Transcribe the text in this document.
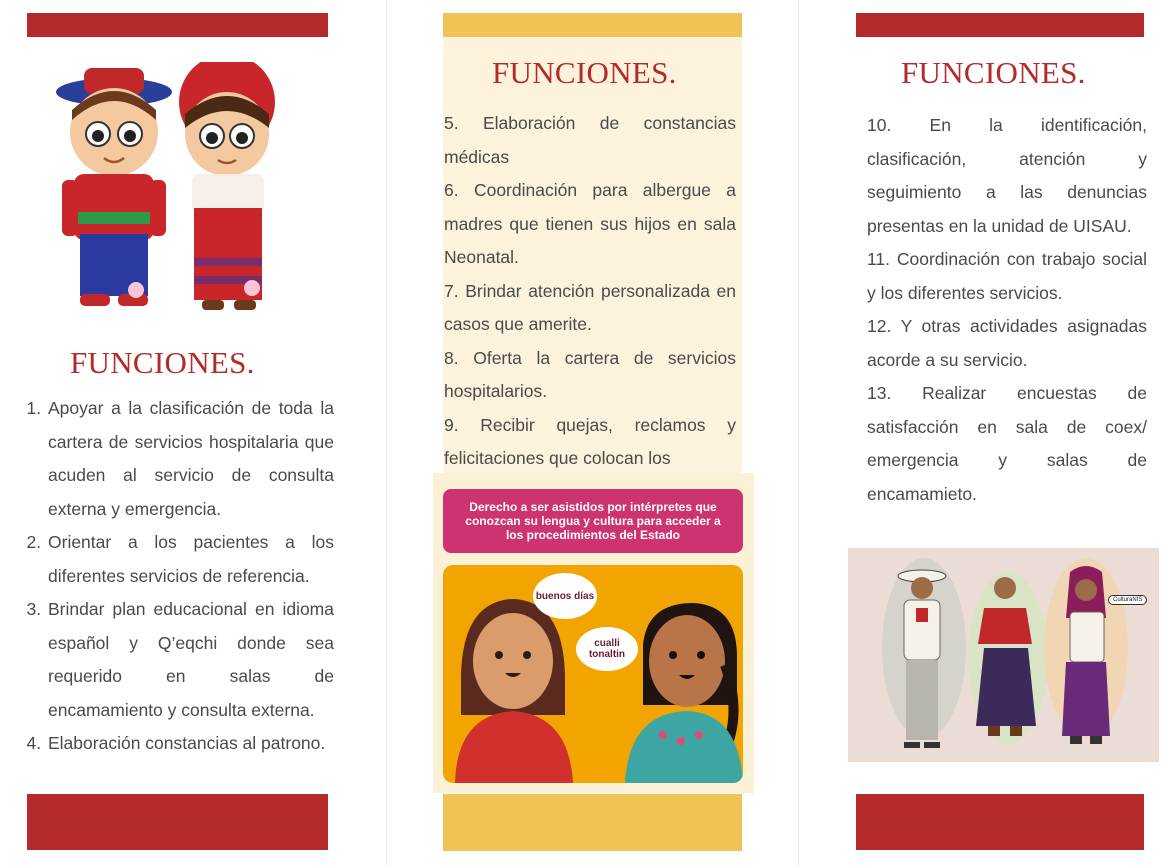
FUNCIONES.
1. Apoyar a la clasificación de toda la cartera de servicios hospitalaria que acuden al servicio de consulta externa y emergencia.
2. Orientar a los pacientes a los diferentes servicios de referencia.
3. Brindar plan educacional en idioma español y Q’eqchi donde sea requerido en salas de encamamiento y consulta externa.
4. Elaboración constancias al patrono.
FUNCIONES.

5. Elaboración de constancias médicas

6. Coordinación para albergue a madres que tienen sus hijos en sala Neonatal.

7. Brindar atención personalizada en casos que amerite.

8. Oferta la cartera de servicios hospitalarios.

9. Recibir quejas, reclamos y felicitaciones que colocan los

Derecho a ser asistidos por intérpretes que conozcan su lengua y cultura para acceder a los procedimientos del Estado
buenos días
cualli tonaltin
FUNCIONES.

10. En la identificación, clasificación, atención y seguimiento a las denuncias presentas en la unidad de UISAU.

11. Coordinación con trabajo social y los diferentes servicios.

12. Y otras actividades asignadas acorde a su servicio.

13. Realizar encuestas de satisfacción en sala de coex/ emergencia y salas de encamamieto.

CulturaNIS
